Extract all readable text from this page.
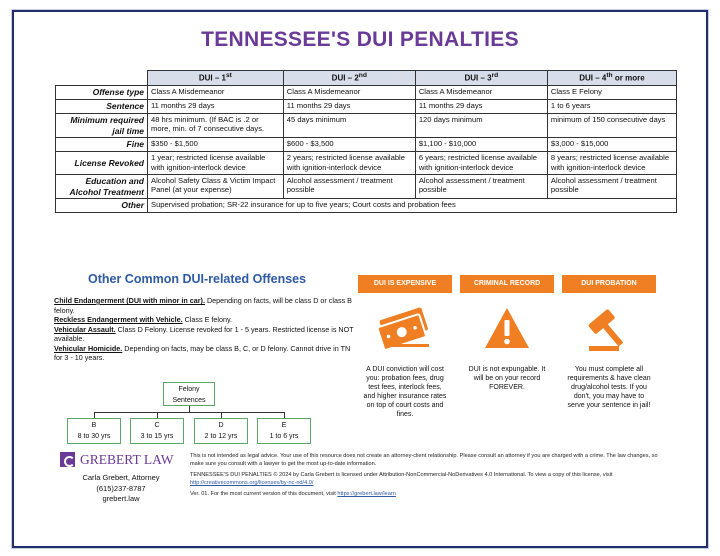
TENNESSEE'S DUI PENALTIES
	DUI – 1st	DUI – 2nd	DUI – 3rd	DUI – 4th or more
Offense type	Class A Misdemeanor	Class A Misdemeanor	Class A Misdemeanor	Class E Felony
Sentence	11 months 29 days	11 months 29 days	11 months 29 days	1 to 6 years
Minimum required jail time	48 hrs minimum. (If BAC is .2 or more, min. of 7 consecutive days.	45 days minimum	120 days minimum	minimum of 150 consecutive days
Fine	$350 - $1,500	$600 - $3,500	$1,100 - $10,000	$3,000 - $15,000
License Revoked	1 year; restricted license available with ignition-interlock device	2 years; restricted license available with ignition-interlock device	6 years; restricted license available with ignition-interlock device	8 years; restricted license available with ignition-interlock device
Education and Alcohol Treatment	Alcohol Safety Class & Victim Impact Panel (at your expense)	Alcohol assessment / treatment possible	Alcohol assessment / treatment possible	Alcohol assessment / treatment possible
Other	Supervised probation; SR-22 insurance for up to five years; Court costs and probation fees			
Other Common DUI-related Offenses

Child Endangerment (DUI with minor in car). Depending on facts, will be class D or class B felony.

Reckless Endangerment with Vehicle. Class E felony.

Vehicular Assault. Class D Felony. License revoked for 1 - 5 years. Restricted license is NOT available.

Vehicular Homicide. Depending on facts, may be class B, C, or D felony. Cannot drive in TN for 3 - 10 years.

Felony
Sentences
B
8 to 30 yrs
C
3 to 15 yrs
D
2 to 12 yrs
E
1 to 6 yrs
DUI IS EXPENSIVE
A DUI conviction will cost you: probation fees, drug test fees, interlock fees, and higher insurance rates on top of court costs and fines.
CRIMINAL RECORD
DUI is not expungable. It will be on your record FOREVER.
DUI PROBATION
You must complete all requirements & have clean drug/alcohol tests. If you don't, you may have to serve your sentence in jail!
GREBERT LAW
Carla Grebert, Attorney
(615)237-8787
grebert.law

This is not intended as legal advice. Your use of this resource does not create an attorney-client relationship. Please consult an attorney if you are charged with a crime. The law changes, so make sure you consult with a lawyer to get the most up-to-date information.

TENNESSEE'S DUI PENALTIES © 2024 by Carla Grebert is licensed under Attribution-NonCommercial-NoDerivatives 4.0 International. To view a copy of this license, visit http://creativecommons.org/licenses/by-nc-nd/4.0/

Ver. 01. For the most current version of this document, visit https://grebert.law/learn
